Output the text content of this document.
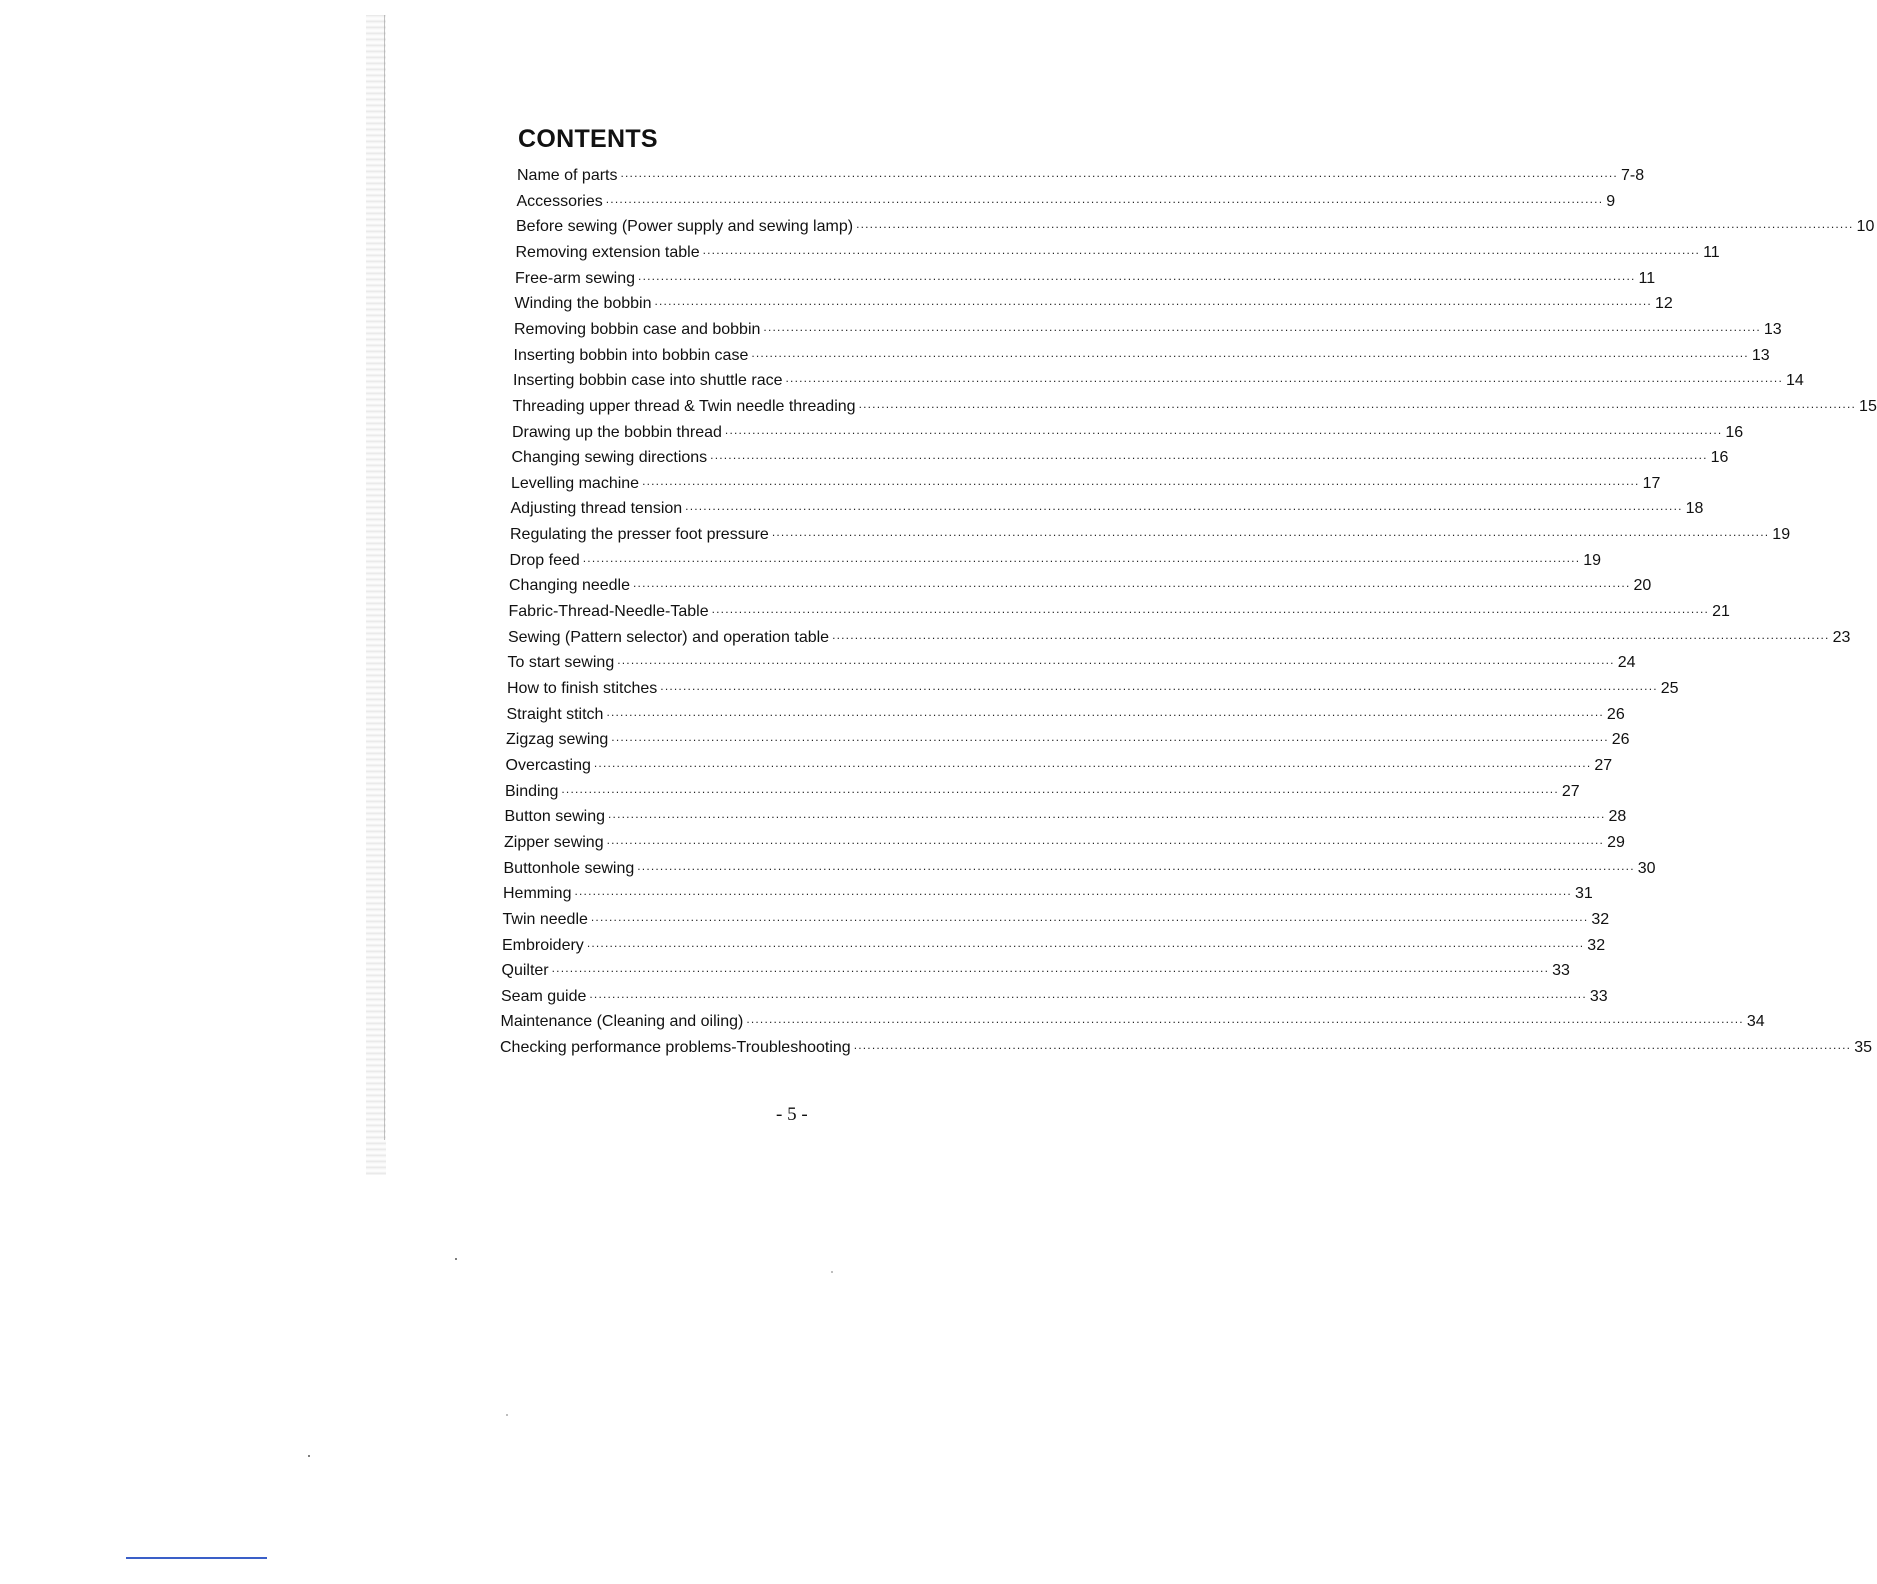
CONTENTS
Name of parts ............................................................................................................................................................................................................................ 7-8
Accessories ............................................................................................................................................................................................................................ 9
Before sewing (Power supply and sewing lamp) ............................................................................................................................................................................................................................ 10
Removing extension table ............................................................................................................................................................................................................................ 11
Free-arm sewing ............................................................................................................................................................................................................................ 11
Winding the bobbin ............................................................................................................................................................................................................................ 12
Removing bobbin case and bobbin ............................................................................................................................................................................................................................ 13
Inserting bobbin into bobbin case ............................................................................................................................................................................................................................ 13
Inserting bobbin case into shuttle race ............................................................................................................................................................................................................................ 14
Threading upper thread & Twin needle threading ............................................................................................................................................................................................................................ 15
Drawing up the bobbin thread ............................................................................................................................................................................................................................ 16
Changing sewing directions ............................................................................................................................................................................................................................ 16
Levelling machine ............................................................................................................................................................................................................................ 17
Adjusting thread tension ............................................................................................................................................................................................................................ 18
Regulating the presser foot pressure ............................................................................................................................................................................................................................ 19
Drop feed ............................................................................................................................................................................................................................ 19
Changing needle ............................................................................................................................................................................................................................ 20
Fabric-Thread-Needle-Table ............................................................................................................................................................................................................................ 21
Sewing (Pattern selector) and operation table ............................................................................................................................................................................................................................ 23
To start sewing ............................................................................................................................................................................................................................ 24
How to finish stitches ............................................................................................................................................................................................................................ 25
Straight stitch ............................................................................................................................................................................................................................ 26
Zigzag sewing ............................................................................................................................................................................................................................ 26
Overcasting ............................................................................................................................................................................................................................ 27
Binding ............................................................................................................................................................................................................................ 27
Button sewing ............................................................................................................................................................................................................................ 28
Zipper sewing ............................................................................................................................................................................................................................ 29
Buttonhole sewing ............................................................................................................................................................................................................................ 30
Hemming ............................................................................................................................................................................................................................ 31
Twin needle ............................................................................................................................................................................................................................ 32
Embroidery ............................................................................................................................................................................................................................ 32
Quilter ............................................................................................................................................................................................................................ 33
Seam guide ............................................................................................................................................................................................................................ 33
Maintenance (Cleaning and oiling) ............................................................................................................................................................................................................................ 34
Checking performance problems-Troubleshooting ............................................................................................................................................................................................................................ 35
- 5 -
